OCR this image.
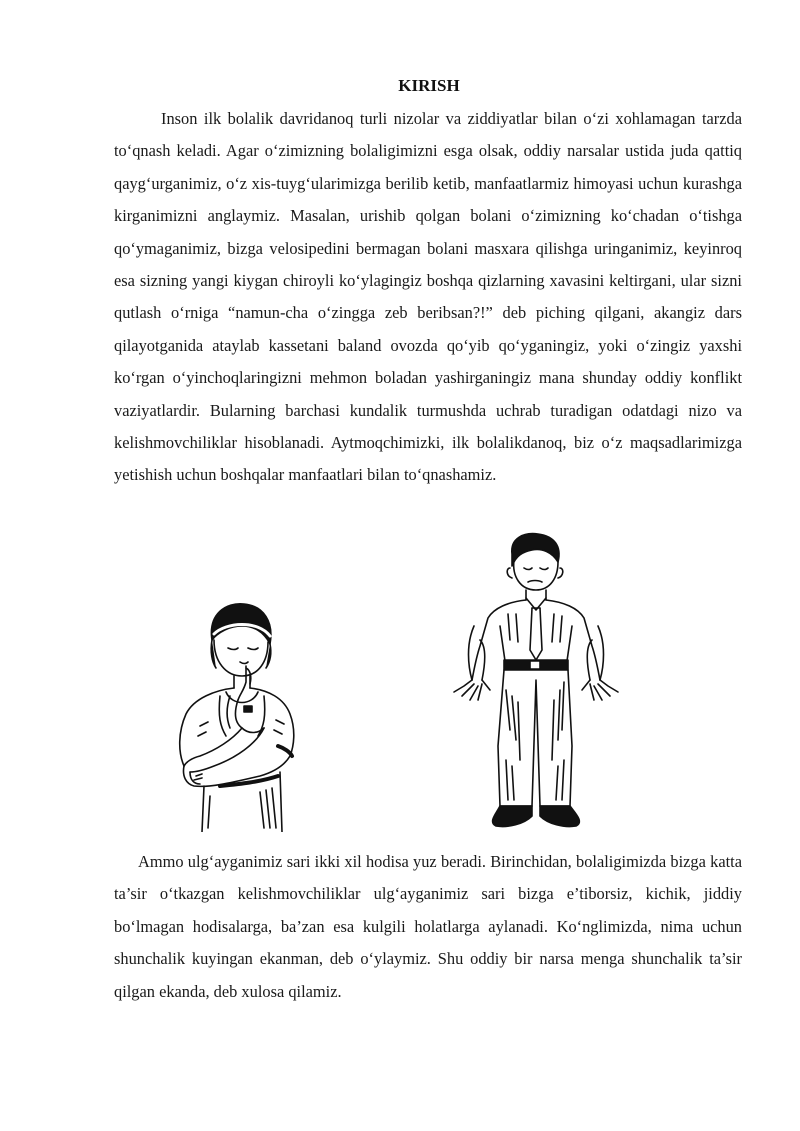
KIRISH

Inson ilk bolalik davridanoq turli nizolar va ziddiyatlar bilan o‘zi xohlamagan tarzda to‘qnash keladi. Agar o‘zimizning bolaligimizni esga olsak, oddiy narsalar ustida juda qattiq qayg‘urganimiz, o‘z xis-tuyg‘ularimizga berilib ketib, manfaatlarmiz himoyasi uchun kurashga kirganimizni anglaymiz. Masalan, urishib qolgan bolani o‘zimizning ko‘chadan o‘tishga qo‘ymaganimiz, bizga velosipedini bermagan bolani masxara qilishga uringanimiz, keyinroq esa sizning yangi kiygan chiroyli ko‘ylagingiz boshqa qizlarning xavasini keltirgani, ular sizni qutlash o‘rniga “namun-cha o‘zingga zeb beribsan?!” deb piching qilgani, akangiz dars qilayotganida ataylab kassetani baland ovozda qo‘yib qo‘yganingiz, yoki o‘zingiz yaxshi ko‘rgan o‘yinchoqlaringizni mehmon boladan yashirganingiz mana shunday oddiy konflikt vaziyatlardir. Bularning barchasi kundalik turmushda uchrab turadigan odatdagi nizo va kelishmovchiliklar hisoblanadi. Aytmoqchimizki, ilk bolalikdanoq, biz o‘z maqsadlarimizga yetishish uchun boshqalar manfaatlari bilan to‘qnashamiz.

Ammo ulg‘ayganimiz sari ikki xil hodisa yuz beradi. Birinchidan, bolaligimizda bizga katta ta’sir o‘tkazgan kelishmovchiliklar ulg‘ayganimiz sari bizga e’tiborsiz, kichik, jiddiy bo‘lmagan hodisalarga, ba’zan esa kulgili holatlarga aylanadi. Ko‘nglimizda, nima uchun shunchalik kuyingan ekanman, deb o‘ylaymiz. Shu oddiy bir narsa menga shunchalik ta’sir qilgan ekanda, deb xulosa qilamiz.
